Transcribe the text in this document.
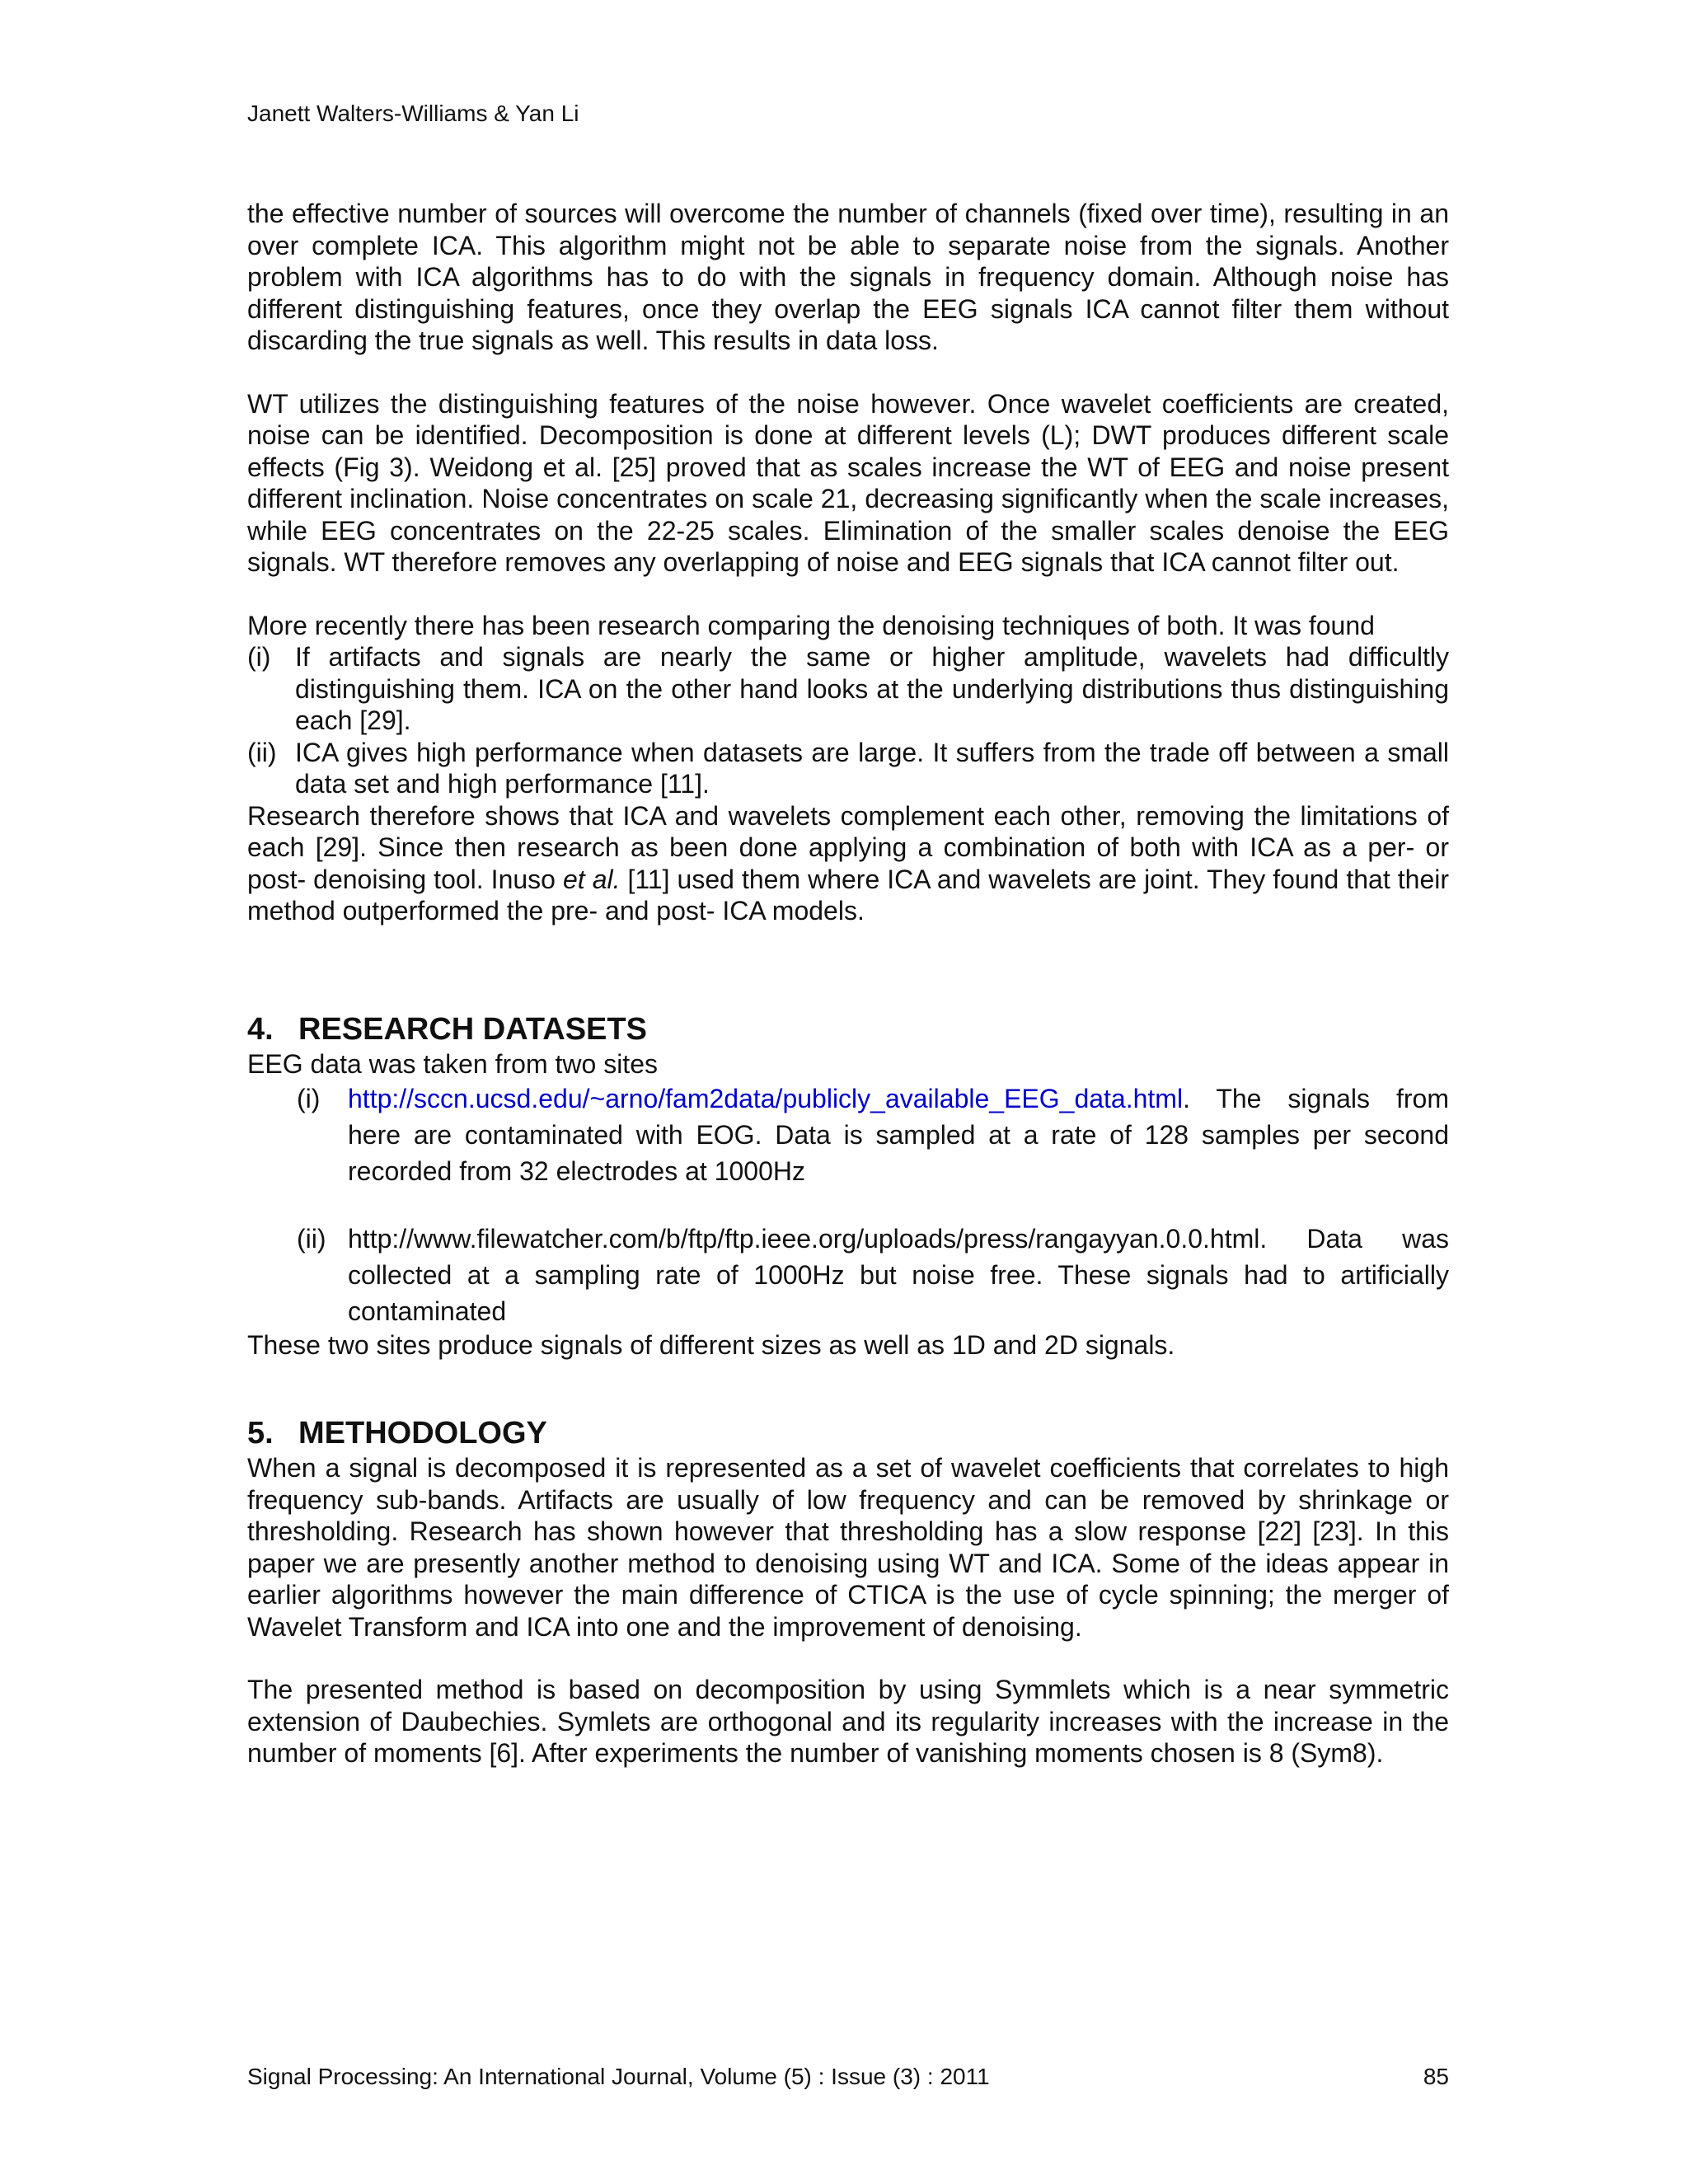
Janett Walters-Williams & Yan Li

the effective number of sources will overcome the number of channels (fixed over time), resulting in an over complete ICA. This algorithm might not be able to separate noise from the signals. Another problem with ICA algorithms has to do with the signals in frequency domain. Although noise has different distinguishing features, once they overlap the EEG signals ICA cannot filter them without discarding the true signals as well. This results in data loss.

WT utilizes the distinguishing features of the noise however. Once wavelet coefficients are created, noise can be identified. Decomposition is done at different levels (L); DWT produces different scale effects (Fig 3). Weidong et al. [25] proved that as scales increase the WT of EEG and noise present different inclination. Noise concentrates on scale 21, decreasing significantly when the scale increases, while EEG concentrates on the 22-25 scales. Elimination of the smaller scales denoise the EEG signals. WT therefore removes any overlapping of noise and EEG signals that ICA cannot filter out.

More recently there has been research comparing the denoising techniques of both. It was found

(i) If artifacts and signals are nearly the same or higher amplitude, wavelets had difficultly distinguishing them. ICA on the other hand looks at the underlying distributions thus distinguishing each [29].
(ii) ICA gives high performance when datasets are large. It suffers from the trade off between a small data set and high performance [11].

Research therefore shows that ICA and wavelets complement each other, removing the limitations of each [29]. Since then research as been done applying a combination of both with ICA as a per- or post- denoising tool. Inuso et al. [11] used them where ICA and wavelets are joint. They found that their method outperformed the pre- and post- ICA models.

4. RESEARCH DATASETS

EEG data was taken from two sites

(i) http://sccn.ucsd.edu/~arno/fam2data/publicly_available_EEG_data.html. The signals from here are contaminated with EOG. Data is sampled at a rate of 128 samples per second recorded from 32 electrodes at 1000Hz
(ii) http://www.filewatcher.com/b/ftp/ftp.ieee.org/uploads/press/rangayyan.0.0.html. Data was collected at a sampling rate of 1000Hz but noise free. These signals had to artificially contaminated

These two sites produce signals of different sizes as well as 1D and 2D signals.

5. METHODOLOGY

When a signal is decomposed it is represented as a set of wavelet coefficients that correlates to high frequency sub-bands. Artifacts are usually of low frequency and can be removed by shrinkage or thresholding. Research has shown however that thresholding has a slow response [22] [23]. In this paper we are presently another method to denoising using WT and ICA. Some of the ideas appear in earlier algorithms however the main difference of CTICA is the use of cycle spinning; the merger of Wavelet Transform and ICA into one and the improvement of denoising.

The presented method is based on decomposition by using Symmlets which is a near symmetric extension of Daubechies. Symlets are orthogonal and its regularity increases with the increase in the number of moments [6]. After experiments the number of vanishing moments chosen is 8 (Sym8).

Signal Processing: An International Journal, Volume (5) : Issue (3) : 2011	85
